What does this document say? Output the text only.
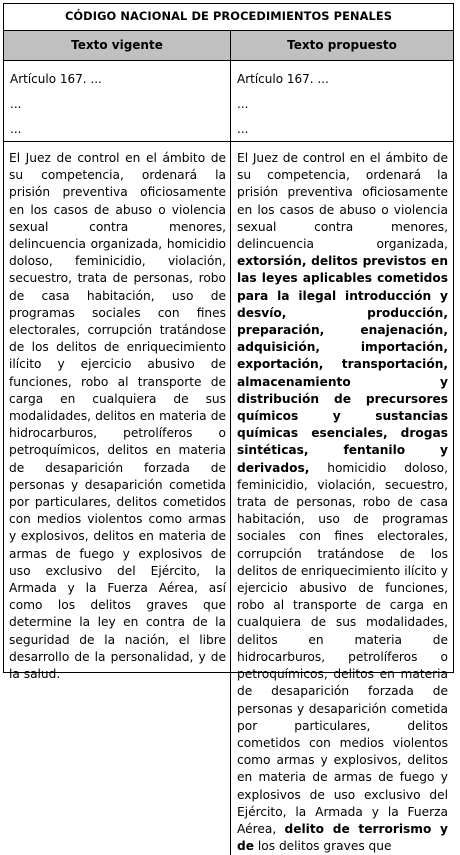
CÓDIGO NACIONAL DE PROCEDIMIENTOS PENALES
Texto vigente
Artículo 167. ...
...
...

El Juez de control en el ámbito de su competencia, ordenará la prisión preventiva oficiosamente en los casos de abuso o violencia sexual contra menores, delincuencia organizada, homicidio doloso, feminicidio, violación, secuestro, trata de personas, robo de casa habitación, uso de programas sociales con fines electorales, corrupción tratándose de los delitos de enriquecimiento ilícito y ejercicio abusivo de funciones, robo al transporte de carga en cualquiera de sus modalidades, delitos en materia de hidrocarburos, petrolíferos o petroquímicos, delitos en materia de desaparición forzada de personas y desaparición cometida por particulares, delitos cometidos con medios violentos como armas y explosivos, delitos en materia de armas de fuego y explosivos de uso exclusivo del Ejército, la Armada y la Fuerza Aérea, así como los delitos graves que determine la ley en contra de la seguridad de la nación, el libre desarrollo de la personalidad, y de la salud.

Texto propuesto
Artículo 167. ...
...
...

El Juez de control en el ámbito de su competencia, ordenará la prisión preventiva oficiosamente en los casos de abuso o violencia sexual contra menores, delincuencia organizada, extorsión, delitos previstos en las leyes aplicables cometidos para la ilegal introducción y desvío, producción, preparación, enajenación, adquisición, importación, exportación, transportación, almacenamiento y distribución de precursores químicos y sustancias químicas esenciales, drogas sintéticas, fentanilo y derivados, homicidio doloso, feminicidio, violación, secuestro, trata de personas, robo de casa habitación, uso de programas sociales con fines electorales, corrupción tratándose de los delitos de enriquecimiento ilícito y ejercicio abusivo de funciones, robo al transporte de carga en cualquiera de sus modalidades, delitos en materia de hidrocarburos, petrolíferos o petroquímicos, delitos en materia de desaparición forzada de personas y desaparición cometida por particulares, delitos cometidos con medios violentos como armas y explosivos, delitos en materia de armas de fuego y explosivos de uso exclusivo del Ejército, la Armada y la Fuerza Aérea, delito de terrorismo y de los delitos graves que
